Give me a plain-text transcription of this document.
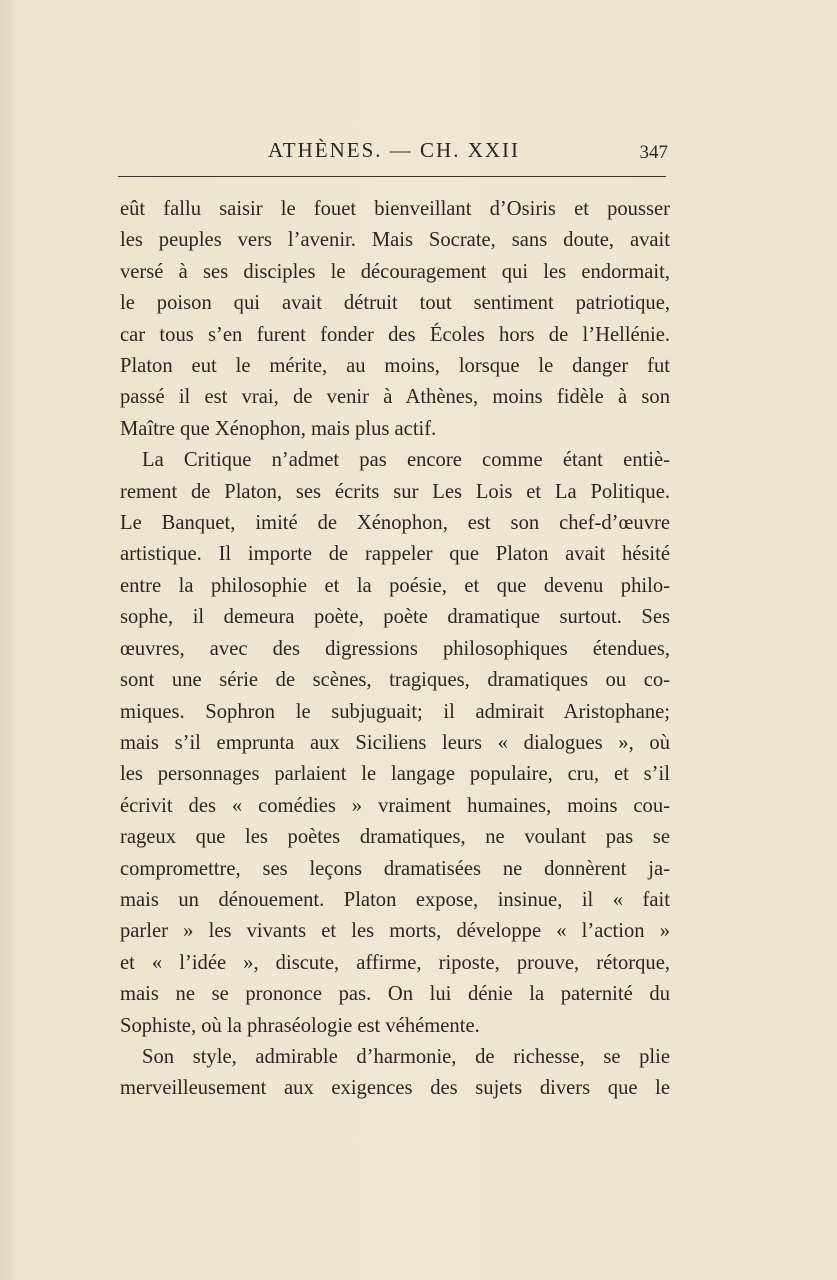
ATHÈNES. — CH. XXII	347
eût fallu saisir le fouet bienveillant d’Osiris et pousser
les peuples vers l’avenir. Mais Socrate, sans doute, avait
versé à ses disciples le découragement qui les endormait,
le poison qui avait détruit tout sentiment patriotique,
car tous s’en furent fonder des Écoles hors de l’Hellénie.
Platon eut le mérite, au moins, lorsque le danger fut
passé il est vrai, de venir à Athènes, moins fidèle à son
Maître que Xénophon, mais plus actif.
La Critique n’admet pas encore comme étant entiè-
rement de Platon, ses écrits sur Les Lois et La Politique.
Le Banquet, imité de Xénophon, est son chef-d’œuvre
artistique. Il importe de rappeler que Platon avait hésité
entre la philosophie et la poésie, et que devenu philo-
sophe, il demeura poète, poète dramatique surtout. Ses
œuvres, avec des digressions philosophiques étendues,
sont une série de scènes, tragiques, dramatiques ou co-
miques. Sophron le subjuguait; il admirait Aristophane;
mais s’il emprunta aux Siciliens leurs « dialogues », où
les personnages parlaient le langage populaire, cru, et s’il
écrivit des « comédies » vraiment humaines, moins cou-
rageux que les poètes dramatiques, ne voulant pas se
compromettre, ses leçons dramatisées ne donnèrent ja-
mais un dénouement. Platon expose, insinue, il « fait
parler » les vivants et les morts, développe « l’action »
et « l’idée », discute, affirme, riposte, prouve, rétorque,
mais ne se prononce pas. On lui dénie la paternité du
Sophiste, où la phraséologie est véhémente.
Son style, admirable d’harmonie, de richesse, se plie
merveilleusement aux exigences des sujets divers que le
